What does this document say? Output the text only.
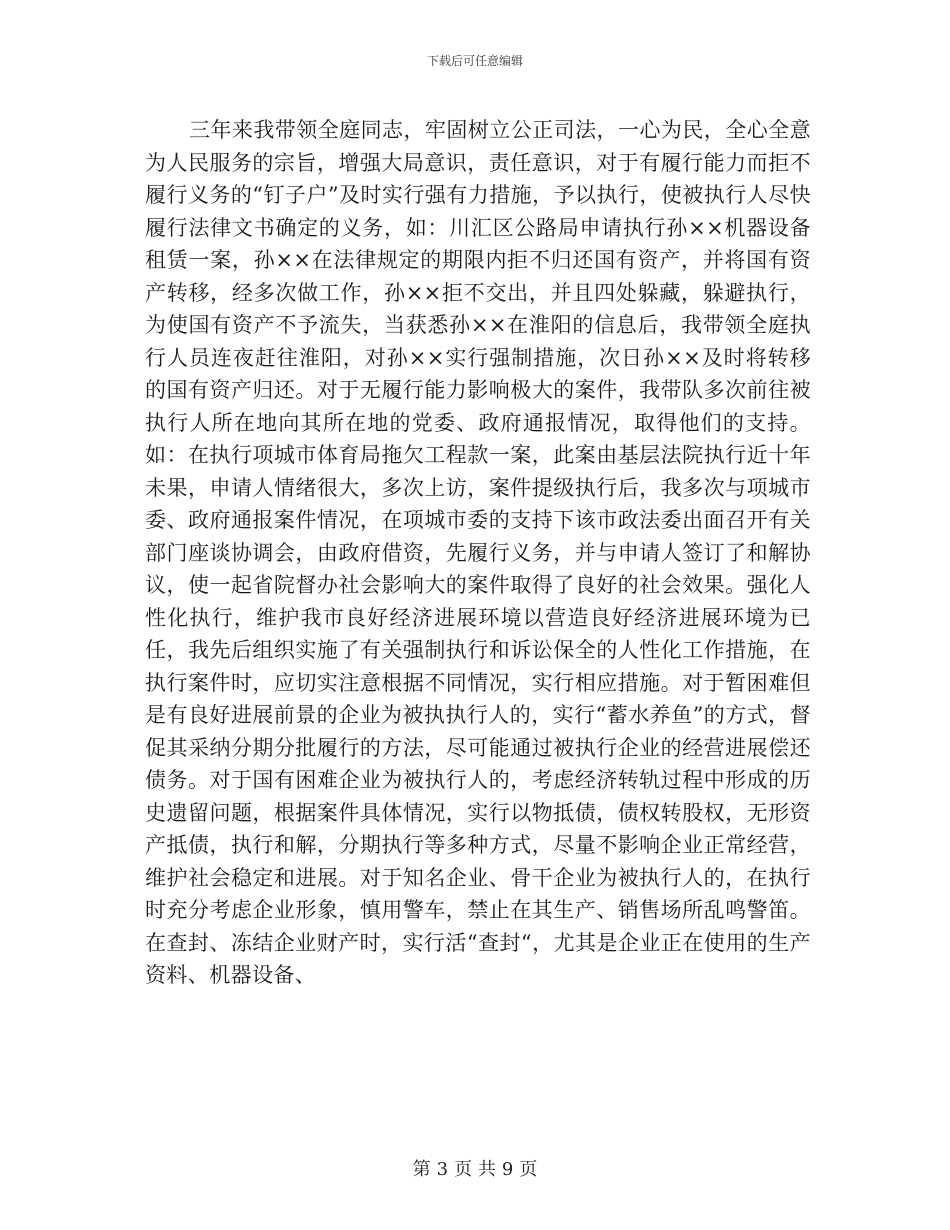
下载后可任意编辑

三年来我带领全庭同志，牢固树立公正司法，一心为民，全心全意为人民服务的宗旨，增强大局意识，责任意识，对于有履行能力而拒不履行义务的“钉子户”及时实行强有力措施，予以执行，使被执行人尽快履行法律文书确定的义务，如：川汇区公路局申请执行孙××机器设备租赁一案，孙××在法律规定的期限内拒不归还国有资产，并将国有资产转移，经多次做工作，孙××拒不交出，并且四处躲藏，躲避执行，为使国有资产不予流失，当获悉孙××在淮阳的信息后，我带领全庭执行人员连夜赶往淮阳，对孙××实行强制措施，次日孙××及时将转移的国有资产归还。对于无履行能力影响极大的案件，我带队多次前往被执行人所在地向其所在地的党委、政府通报情况，取得他们的支持。如：在执行项城市体育局拖欠工程款一案，此案由基层法院执行近十年未果，申请人情绪很大，多次上访，案件提级执行后，我多次与项城市委、政府通报案件情况，在项城市委的支持下该市政法委出面召开有关部门座谈协调会，由政府借资，先履行义务，并与申请人签订了和解协议，使一起省院督办社会影响大的案件取得了良好的社会效果。强化人性化执行，维护我市良好经济进展环境以营造良好经济进展环境为已任，我先后组织实施了有关强制执行和诉讼保全的人性化工作措施，在执行案件时，应切实注意根据不同情况，实行相应措施。对于暂困难但是有良好进展前景的企业为被执执行人的，实行“蓄水养鱼”的方式，督促其采纳分期分批履行的方法，尽可能通过被执行企业的经营进展偿还债务。对于国有困难企业为被执行人的，考虑经济转轨过程中形成的历史遗留问题，根据案件具体情况，实行以物抵债，债权转股权，无形资产抵债，执行和解，分期执行等多种方式，尽量不影响企业正常经营，维护社会稳定和进展。对于知名企业、骨干企业为被执行人的，在执行时充分考虑企业形象，慎用警车，禁止在其生产、销售场所乱鸣警笛。在查封、冻结企业财产时，实行活“查封“，尤其是企业正在使用的生产资料、机器设备、

第 3 页 共 9 页
